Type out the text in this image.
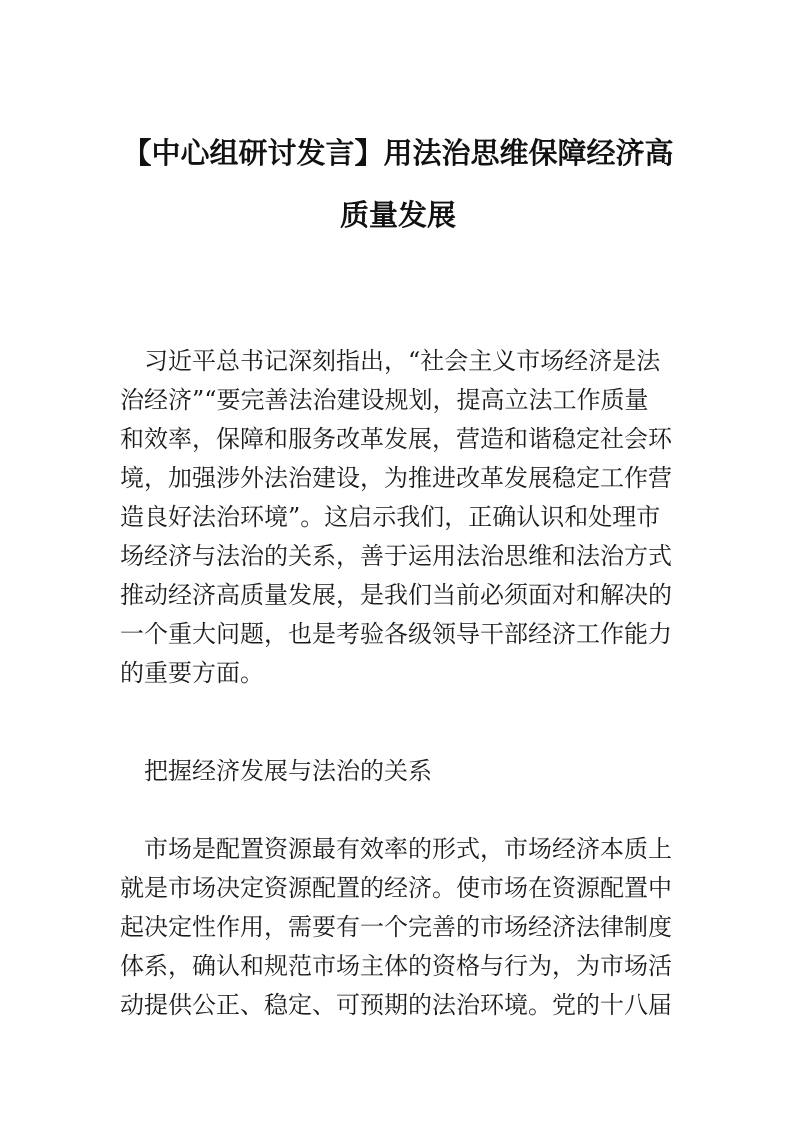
【中心组研讨发言】用法治思维保障经济高
质量发展
　习近平总书记深刻指出，“社会主义市场经济是法
治经济”“要完善法治建设规划，提高立法工作质量
和效率，保障和服务改革发展，营造和谐稳定社会环
境，加强涉外法治建设，为推进改革发展稳定工作营
造良好法治环境”。这启示我们，正确认识和处理市
场经济与法治的关系，善于运用法治思维和法治方式
推动经济高质量发展，是我们当前必须面对和解决的
一个重大问题，也是考验各级领导干部经济工作能力
的重要方面。
　把握经济发展与法治的关系
　市场是配置资源最有效率的形式，市场经济本质上
就是市场决定资源配置的经济。使市场在资源配置中
起决定性作用，需要有一个完善的市场经济法律制度
体系，确认和规范市场主体的资格与行为，为市场活
动提供公正、稳定、可预期的法治环境。党的十八届
